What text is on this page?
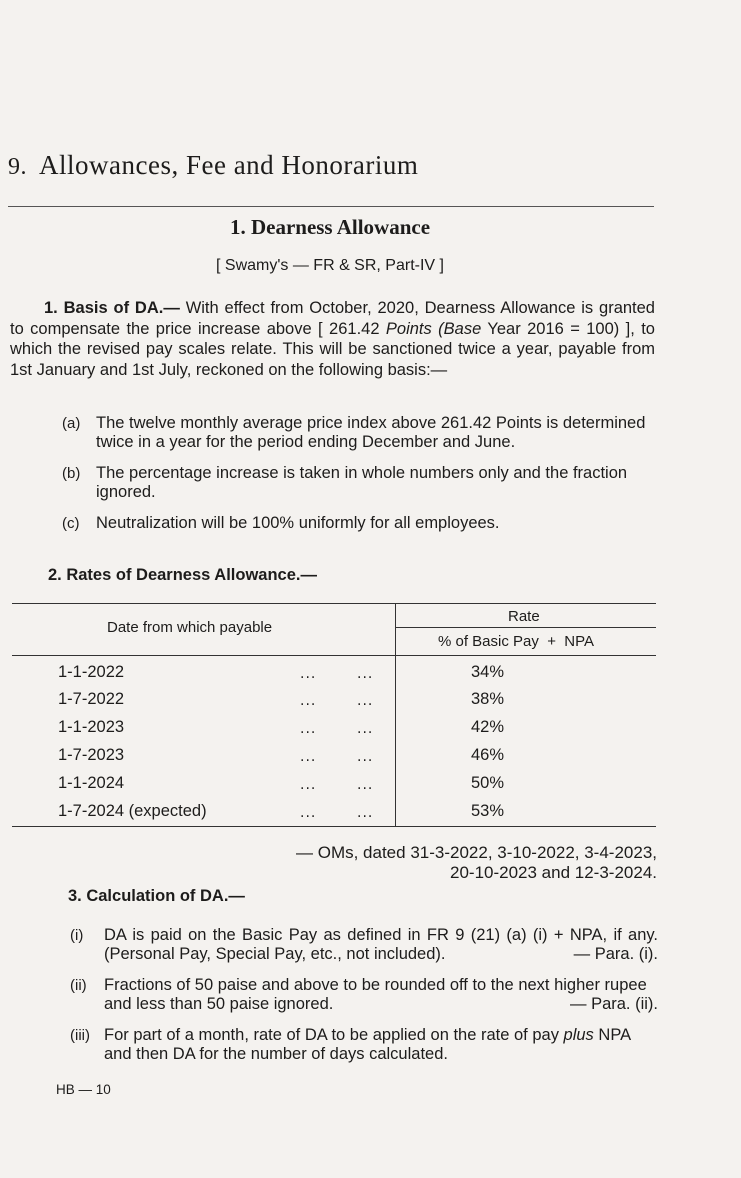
9. Allowances, Fee and Honorarium
1. Dearness Allowance
[ Swamy's — FR & SR, Part-IV ]
1. Basis of DA.— With effect from October, 2020, Dearness Allowance is granted to compensate the price increase above [ 261.42 Points (Base Year 2016 = 100) ], to which the revised pay scales relate. This will be sanctioned twice a year, payable from 1st January and 1st July, reckoned on the following basis:—
(a) The twelve monthly average price index above 261.42 Points is determined twice in a year for the period ending December and June.
(b) The percentage increase is taken in whole numbers only and the fraction ignored.
(c)	Neutralization will be 100% uniformly for all employees.
2. Rates of Dearness Allowance.—
Date from which payable
Rate
% of Basic Pay  +  NPA
1-1-2022	...	...	34%
1-7-2022	...	...	38%
1-1-2023	...	...	42%
1-7-2023	...	...	46%
1-1-2024	...	...	50%
1-7-2024 (expected)	...	...	53%
— OMs, dated 31-3-2022, 3-10-2022, 3-4-2023,
20-10-2023 and 12-3-2024.
3. Calculation of DA.—
(i)	DA is paid on the Basic Pay as defined in FR 9 (21) (a) (i) + NPA, if any. (Personal Pay, Special Pay, etc., not included).	— Para. (i).
(ii)	Fractions of 50 paise and above to be rounded off to the next higher rupee and less than 50 paise ignored.	— Para. (ii).
(iii) For part of a month, rate of DA to be applied on the rate of pay plus NPA and then DA for the number of days calculated.
HB — 10
